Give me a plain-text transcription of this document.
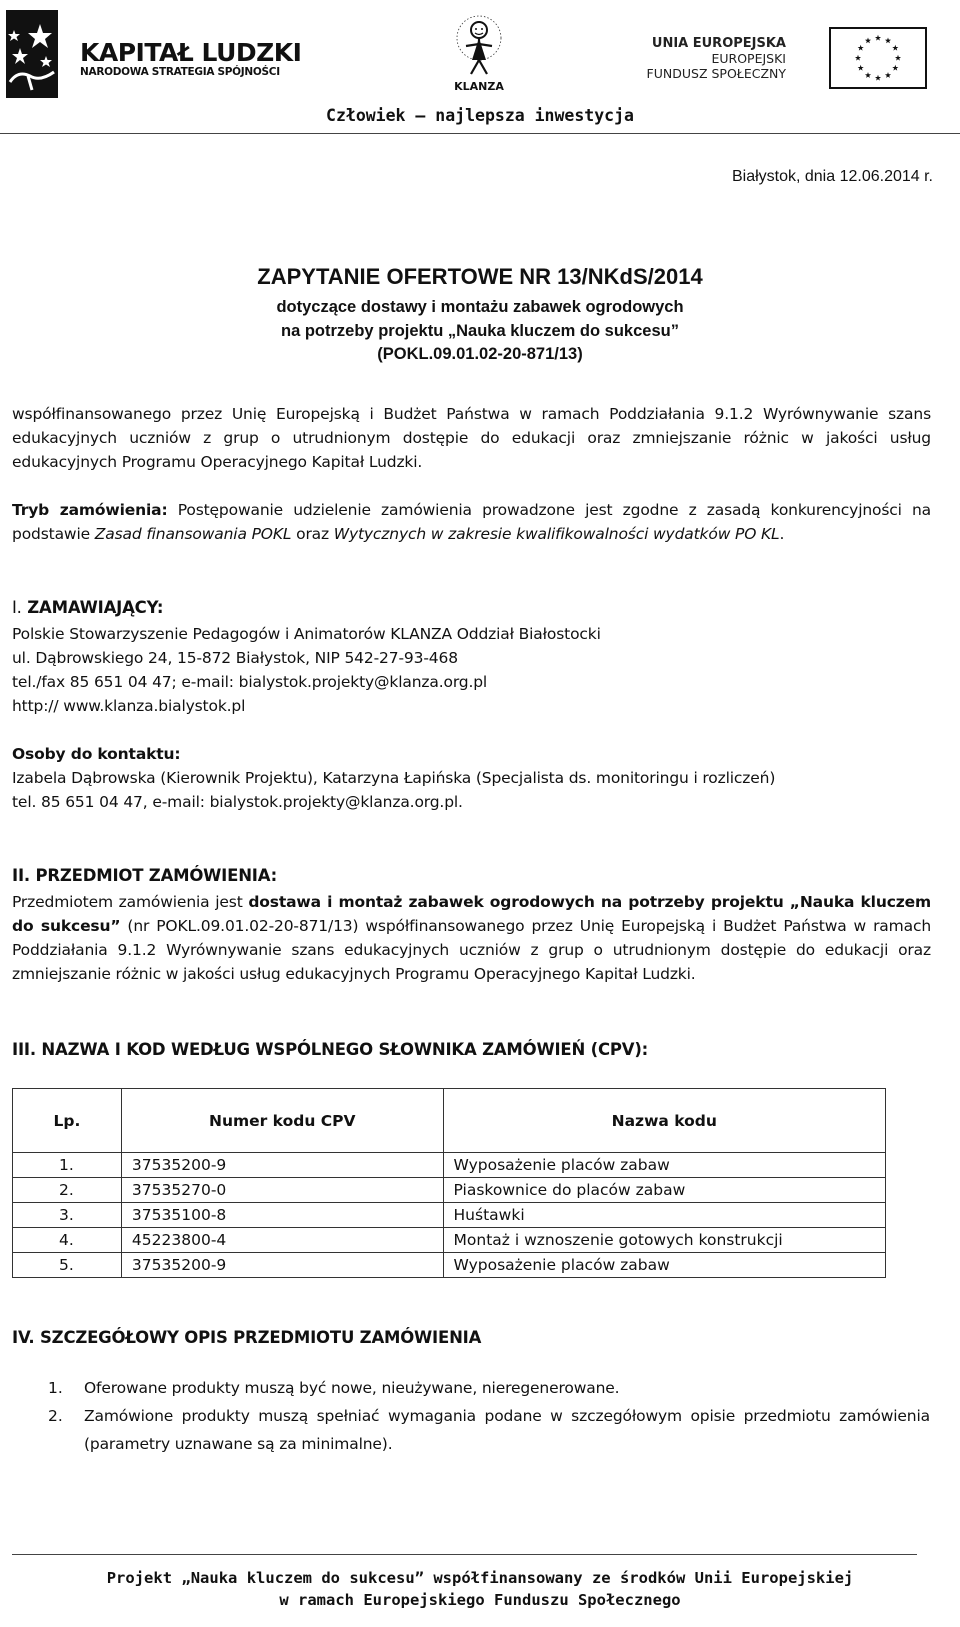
KAPITAŁ LUDZKI
NARODOWA STRATEGIA SPÓJNOŚCI
KLANZA
UNIA EUROPEJSKA
EUROPEJSKI
FUNDUSZ SPOŁECZNY
Człowiek – najlepsza inwestycja
Białystok, dnia 12.06.2014 r.
ZAPYTANIE OFERTOWE NR 13/NKdS/2014
dotyczące dostawy i montażu zabawek ogrodowych
na potrzeby projektu „Nauka kluczem do sukcesu”
(POKL.09.01.02-20-871/13)
współfinansowanego przez Unię Europejską i Budżet Państwa w ramach Poddziałania 9.1.2 Wyrównywanie szans edukacyjnych uczniów z grup o utrudnionym dostępie do edukacji oraz zmniejszanie różnic w jakości usług edukacyjnych Programu Operacyjnego Kapitał Ludzki.
Tryb zamówienia: Postępowanie udzielenie zamówienia prowadzone jest zgodne z zasadą konkurencyjności na podstawie Zasad finansowania POKL oraz Wytycznych w zakresie kwalifikowalności wydatków PO KL.
I. ZAMAWIAJĄCY:
Polskie Stowarzyszenie Pedagogów i Animatorów KLANZA Oddział Białostocki
ul. Dąbrowskiego 24, 15-872 Białystok, NIP 542-27-93-468
tel./fax 85 651 04 47; e-mail: bialystok.projekty@klanza.org.pl
http:// www.klanza.bialystok.pl
Osoby do kontaktu:
Izabela Dąbrowska (Kierownik Projektu), Katarzyna Łapińska (Specjalista ds. monitoringu i rozliczeń)
tel. 85 651 04 47, e-mail: bialystok.projekty@klanza.org.pl.
II. PRZEDMIOT ZAMÓWIENIA:
Przedmiotem zamówienia jest dostawa i montaż zabawek ogrodowych na potrzeby projektu „Nauka kluczem do sukcesu” (nr POKL.09.01.02-20-871/13) współfinansowanego przez Unię Europejską i Budżet Państwa w ramach Poddziałania 9.1.2 Wyrównywanie szans edukacyjnych uczniów z grup o utrudnionym dostępie do edukacji oraz zmniejszanie różnic w jakości usług edukacyjnych Programu Operacyjnego Kapitał Ludzki.
III. NAZWA I KOD WEDŁUG WSPÓLNEGO SŁOWNIKA ZAMÓWIEŃ (CPV):
Lp.	Numer kodu CPV	Nazwa kodu
1.	37535200-9	Wyposażenie placów zabaw
2.	37535270-0	Piaskownice do placów zabaw
3.	37535100-8	Huśtawki
4.	45223800-4	Montaż i wznoszenie gotowych konstrukcji
5.	37535200-9	Wyposażenie placów zabaw
IV. SZCZEGÓŁOWY OPIS PRZEDMIOTU ZAMÓWIENIA
1. Oferowane produkty muszą być nowe, nieużywane, nieregenerowane.
2. Zamówione produkty muszą spełniać wymagania podane w szczegółowym opisie przedmiotu zamówienia (parametry uznawane są za minimalne).
Projekt „Nauka kluczem do sukcesu” współfinansowany ze środków Unii Europejskiej
w ramach Europejskiego Funduszu Społecznego
